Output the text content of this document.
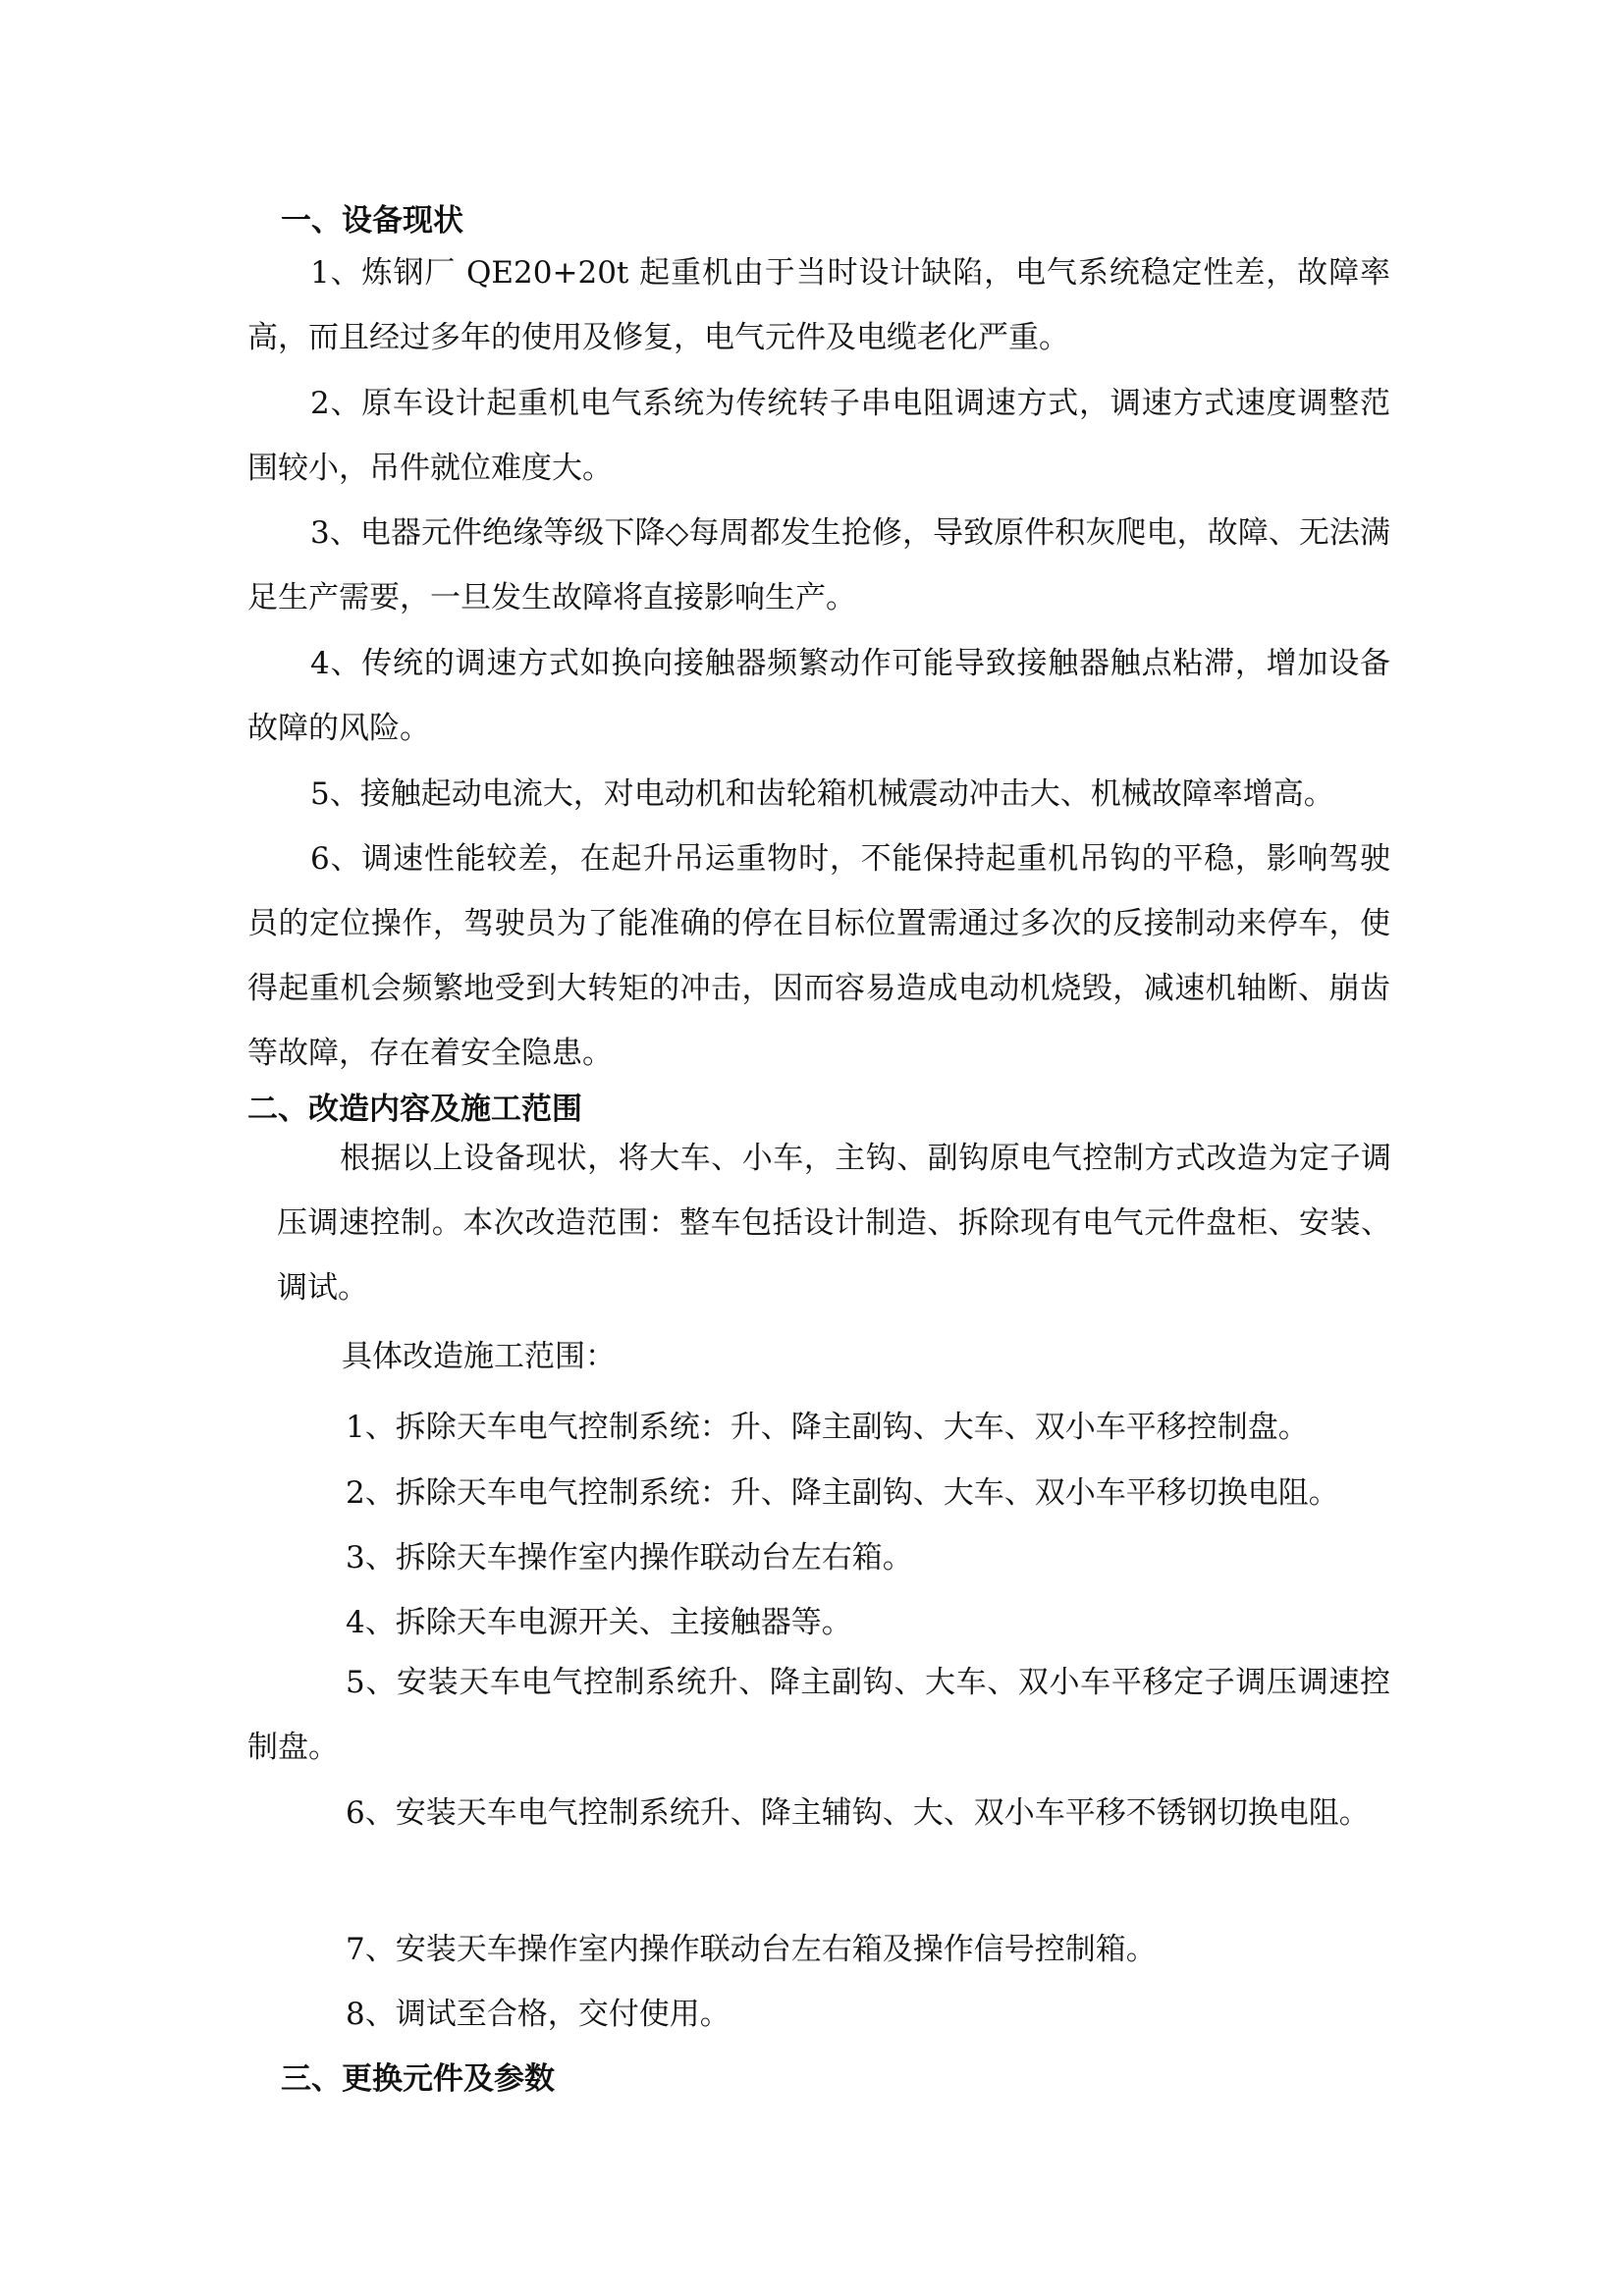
一、设备现状

1、炼钢厂 QE20+20t 起重机由于当时设计缺陷，电气系统稳定性差，故障率高，而且经过多年的使用及修复，电气元件及电缆老化严重。

2、原车设计起重机电气系统为传统转子串电阻调速方式，调速方式速度调整范围较小，吊件就位难度大。

3、电器元件绝缘等级下降◇每周都发生抢修，导致原件积灰爬电，故障、无法满足生产需要，一旦发生故障将直接影响生产。

4、传统的调速方式如换向接触器频繁动作可能导致接触器触点粘滞，增加设备故障的风险。

5、接触起动电流大，对电动机和齿轮箱机械震动冲击大、机械故障率增高。

6、调速性能较差，在起升吊运重物时，不能保持起重机吊钩的平稳，影响驾驶员的定位操作，驾驶员为了能准确的停在目标位置需通过多次的反接制动来停车，使得起重机会频繁地受到大转矩的冲击，因而容易造成电动机烧毁，减速机轴断、崩齿等故障，存在着安全隐患。

二、改造内容及施工范围

根据以上设备现状，将大车、小车，主钩、副钩原电气控制方式改造为定子调压调速控制。本次改造范围：整车包括设计制造、拆除现有电气元件盘柜、安装、调试。

具体改造施工范围：

1、拆除天车电气控制系统：升、降主副钩、大车、双小车平移控制盘。

2、拆除天车电气控制系统：升、降主副钩、大车、双小车平移切换电阻。

3、拆除天车操作室内操作联动台左右箱。

4、拆除天车电源开关、主接触器等。

5、安装天车电气控制系统升、降主副钩、大车、双小车平移定子调压调速控制盘。

6、安装天车电气控制系统升、降主辅钩、大、双小车平移不锈钢切换电阻。

7、安装天车操作室内操作联动台左右箱及操作信号控制箱。

8、调试至合格，交付使用。

三、更换元件及参数
